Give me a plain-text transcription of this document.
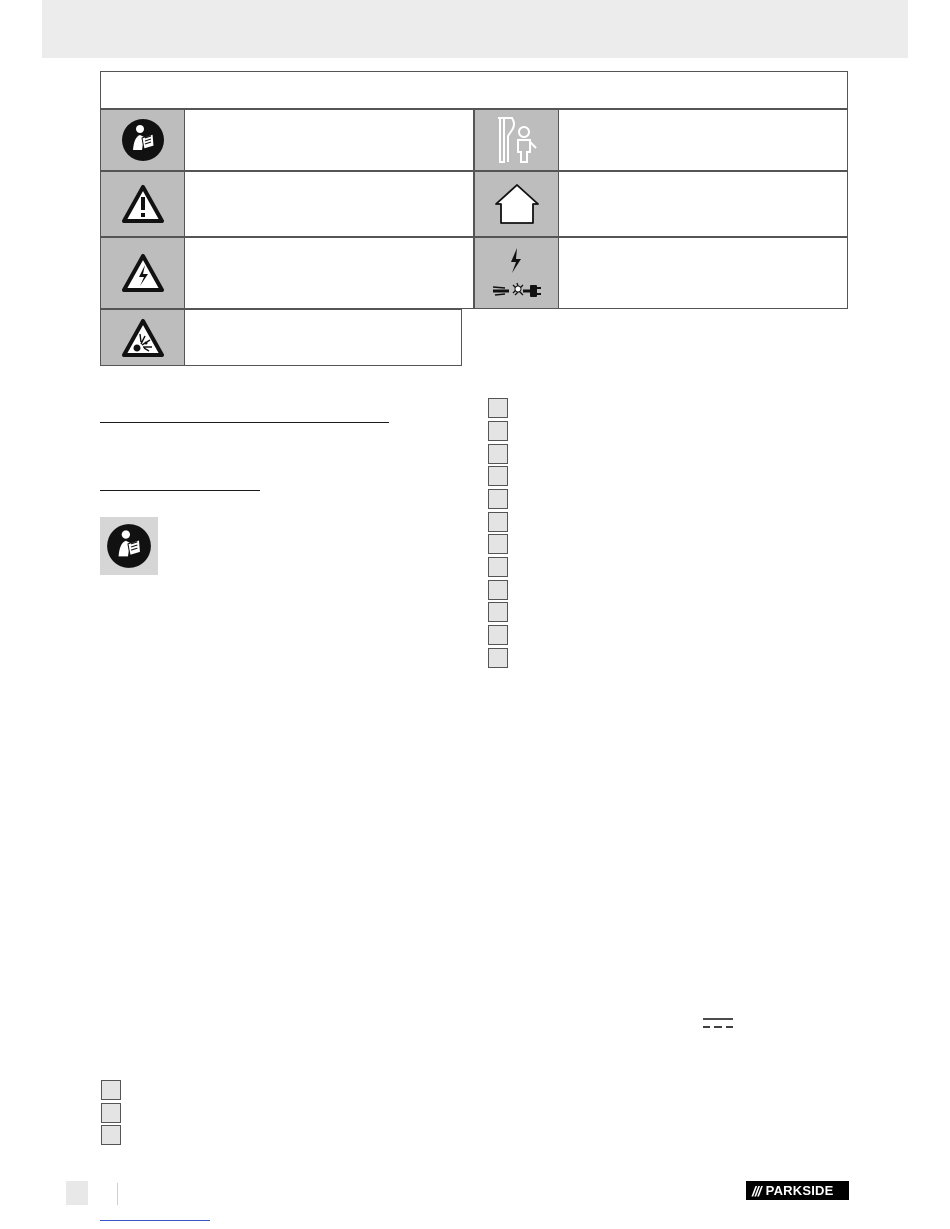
/// PARKSIDE
